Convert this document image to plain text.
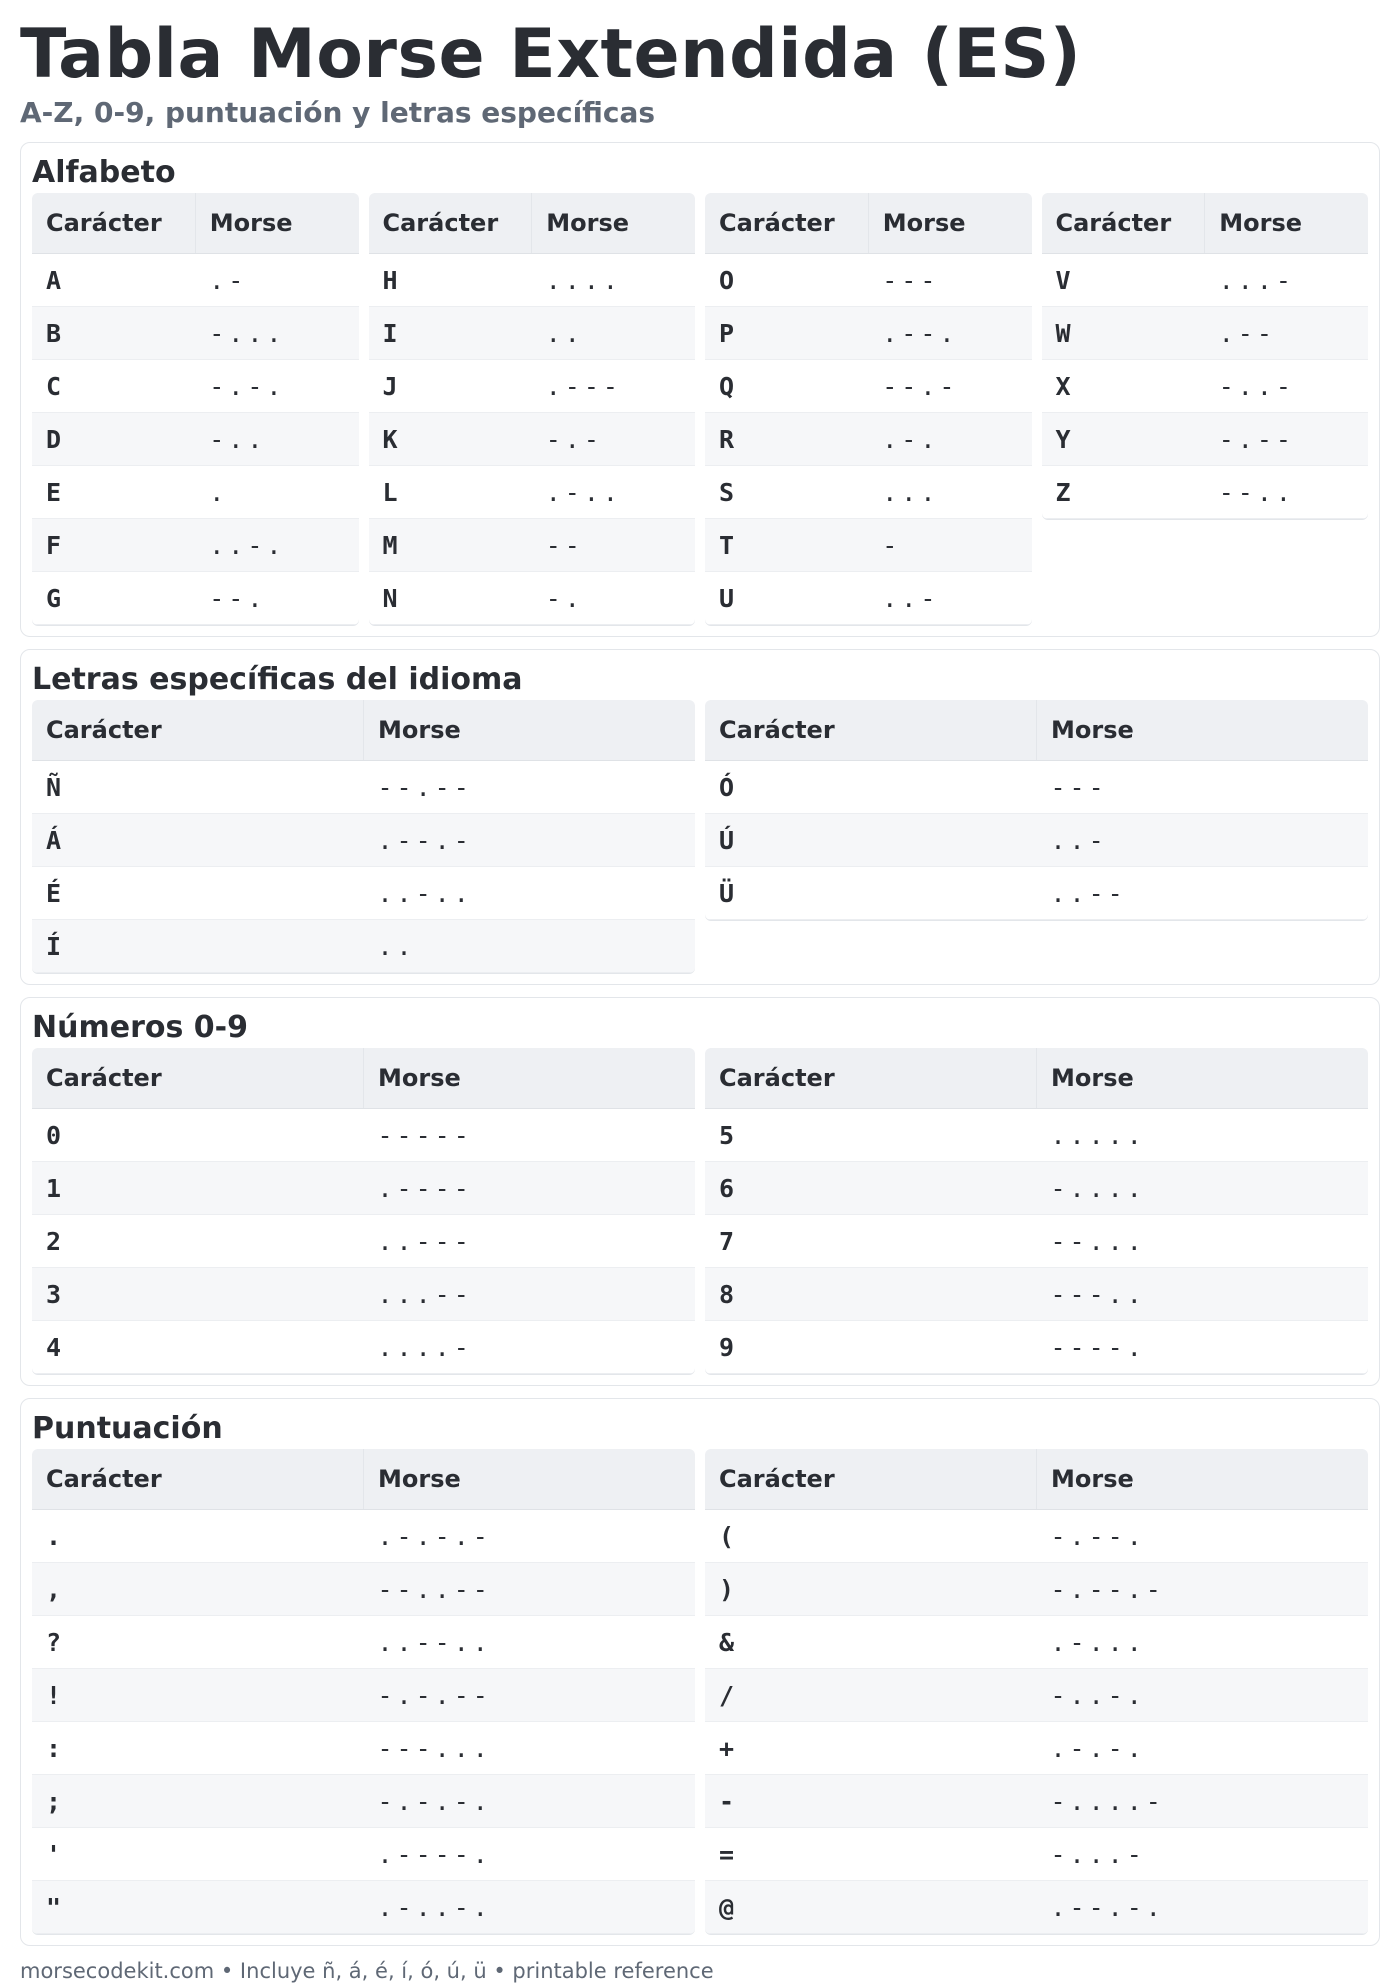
Tabla Morse Extendida (ES)
A-Z, 0-9, puntuación y letras específicas
Alfabeto
Carácter	Morse
A	.-
B	-...
C	-.-.
D	-..
E	.
F	..-.
G	--.
Carácter	Morse
H	....
I	..
J	.---
K	-.-
L	.-..
M	--
N	-.
Carácter	Morse
O	---
P	.--.
Q	--.-
R	.-.
S	...
T	-
U	..-
Carácter	Morse
V	...-
W	.--
X	-..-
Y	-.--
Z	--..
Letras específicas del idioma
Carácter	Morse
Ñ	--.--
Á	.--.-
É	..-..
Í	..
Carácter	Morse
Ó	---
Ú	..-
Ü	..--
Números 0-9
Carácter	Morse
0	-----
1	.----
2	..---
3	...--
4	....-
Carácter	Morse
5	.....
6	-....
7	--...
8	---..
9	----.
Puntuación
Carácter	Morse
.	.-.-.-
,	--..--
?	..--..
!	-.-.--
:	---...
;	-.-.-.
'	.----.
"	.-..-.
Carácter	Morse
(	-.--.
)	-.--.-
&	.-...
/	-..-.
+	.-.-.
-	-....-
=	-...-
@	.--.-.
morsecodekit.com • Incluye ñ, á, é, í, ó, ú, ü • printable reference
